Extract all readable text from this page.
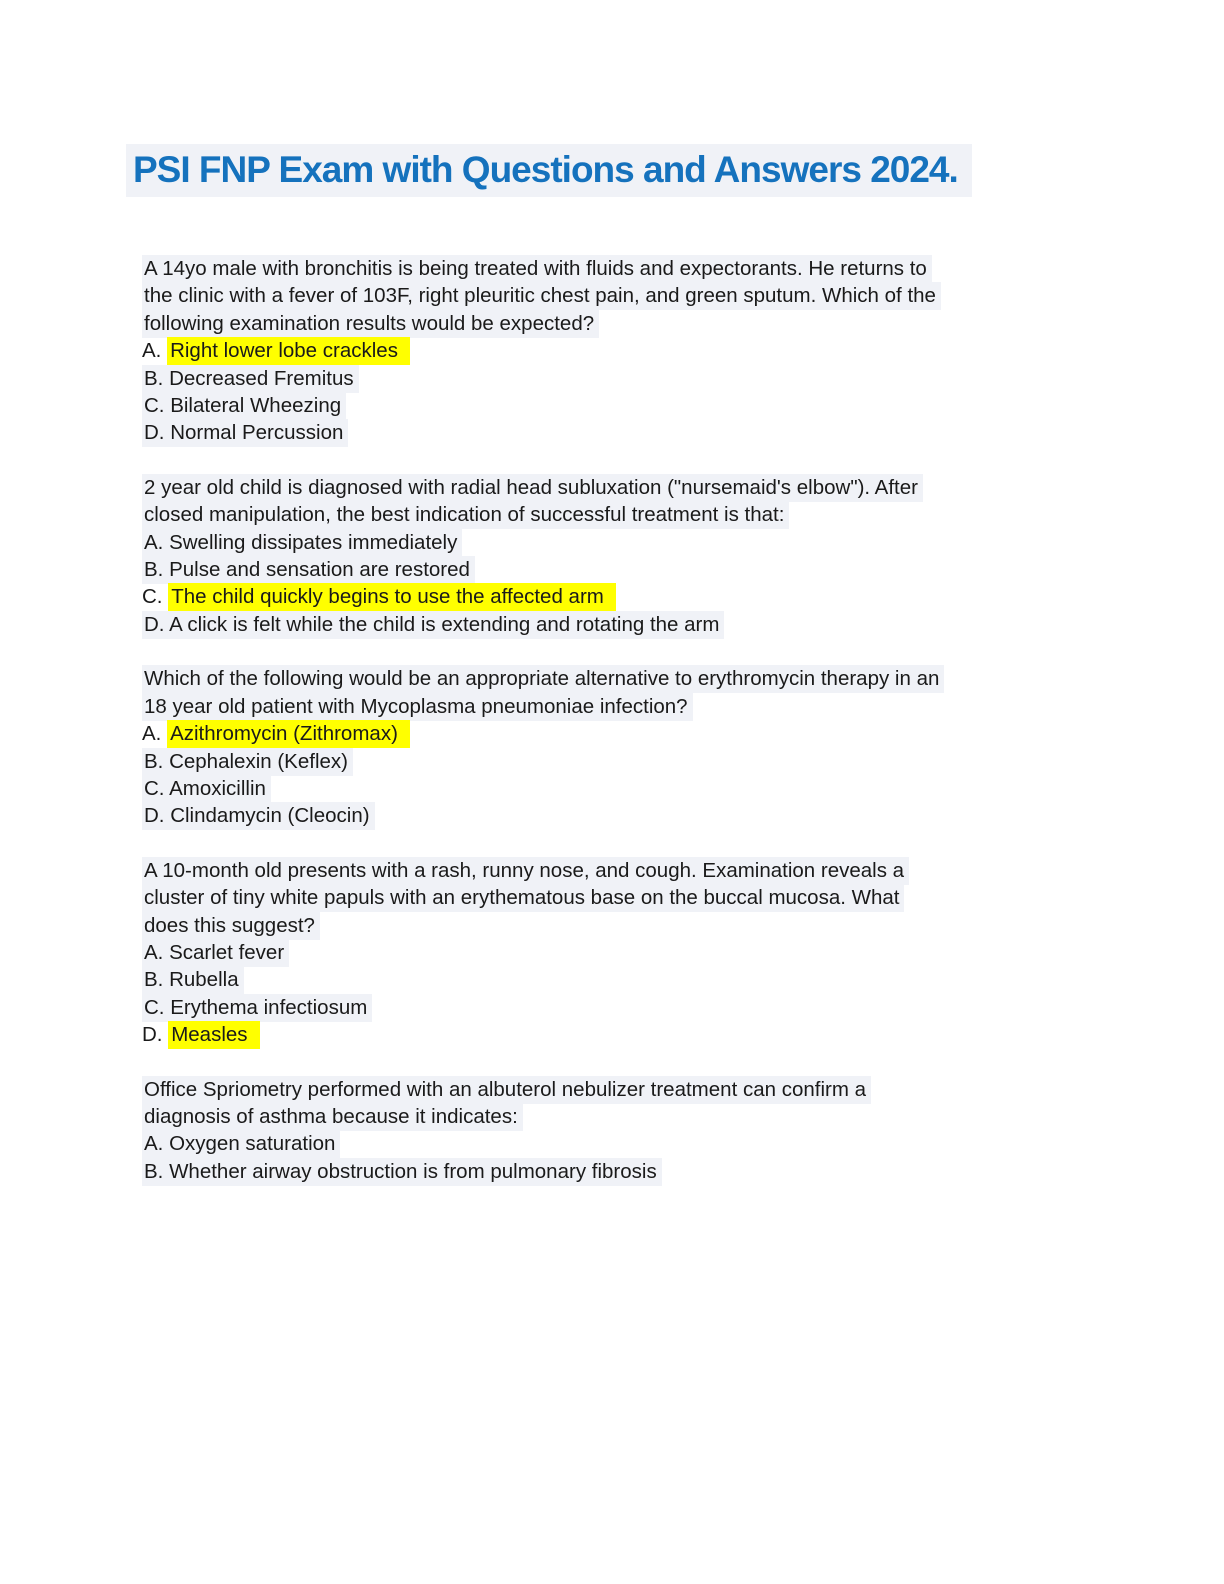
PSI FNP Exam with Questions and Answers 2024.
A 14yo male with bronchitis is being treated with fluids and expectorants. He returns to
the clinic with a fever of 103F, right pleuritic chest pain, and green sputum. Which of the
following examination results would be expected?
A. Right lower lobe crackles
B. Decreased Fremitus
C. Bilateral Wheezing
D. Normal Percussion
2 year old child is diagnosed with radial head subluxation ("nursemaid's elbow"). After
closed manipulation, the best indication of successful treatment is that:
A. Swelling dissipates immediately
B. Pulse and sensation are restored
C. The child quickly begins to use the affected arm
D. A click is felt while the child is extending and rotating the arm
Which of the following would be an appropriate alternative to erythromycin therapy in an
18 year old patient with Mycoplasma pneumoniae infection?
A. Azithromycin (Zithromax)
B. Cephalexin (Keflex)
C. Amoxicillin
D. Clindamycin (Cleocin)
A 10-month old presents with a rash, runny nose, and cough. Examination reveals a
cluster of tiny white papuls with an erythematous base on the buccal mucosa. What
does this suggest?
A. Scarlet fever
B. Rubella
C. Erythema infectiosum
D. Measles
Office Spriometry performed with an albuterol nebulizer treatment can confirm a
diagnosis of asthma because it indicates:
A. Oxygen saturation
B. Whether airway obstruction is from pulmonary fibrosis
